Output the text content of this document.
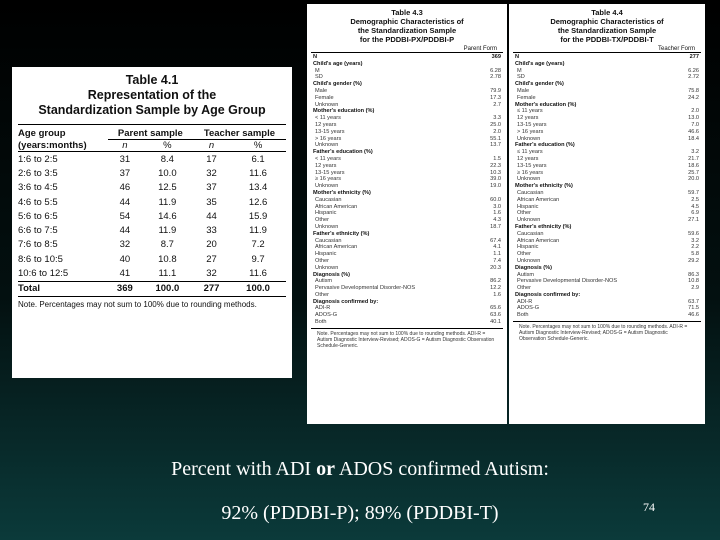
Table 4.1
Representation of the
Standardization Sample by Age Group
Age group	Parent sample		Teacher sample	
(years:months)	n	%	n	%
1:6 to 2:5	31	8.4	17	6.1
2:6 to 3:5	37	10.0	32	11.6
3:6 to 4:5	46	12.5	37	13.4
4:6 to 5:5	44	11.9	35	12.6
5:6 to 6:5	54	14.6	44	15.9
6:6 to 7:5	44	11.9	33	11.9
7:6 to 8:5	32	8.7	20	7.2
8:6 to 10:5	40	10.8	27	9.7
10:6 to 12:5	41	11.1	32	11.6
Total	369	100.0	277	100.0
Note. Percentages may not sum to 100% due to rounding methods.
Table 4.3
Demographic Characteristics of
the Standardization Sample
for the PDDBI-PX/PDDBI-P
Parent Form
N	369
Child's age (years)
M	6.28
SD	2.78
Child's gender (%)
Male	79.9
Female	17.3
Unknown	2.7
Mother's education (%)
< 11 years	3.3
12 years	25.0
13-15 years	2.0
> 16 years	55.1
Unknown	13.7
Father's education (%)
< 11 years	1.5
12 years	22.3
13-15 years	10.3
≥ 16 years	39.0
Unknown	19.0
Mother's ethnicity (%)
Caucasian	60.0
African American	3.0
Hispanic	1.6
Other	4.3
Unknown	18.7
Father's ethnicity (%)
Caucasian	67.4
African American	4.1
Hispanic	1.1
Other	7.4
Unknown	20.3
Diagnosis (%)
Autism	86.2
Pervasive Developmental Disorder-NOS	12.2
Other	1.6
Diagnosis confirmed by:
ADI-R	65.6
ADOS-G	63.6
Both	40.1
Note. Percentages may not sum to 100% due to rounding methods. ADI-R = Autism Diagnostic Interview-Revised; ADOS-G = Autism Diagnostic Observation Schedule-Generic.
Table 4.4
Demographic Characteristics of
the Standardization Sample
for the PDDBI-TX/PDDBI-T
Teacher Form
N	277
Child's age (years)
M	6.26
SD	2.72
Child's gender (%)
Male	75.8
Female	24.2
Mother's education (%)
≤ 11 years	2.0
12 years	13.0
13-15 years	7.0
> 16 years	46.6
Unknown	18.4
Father's education (%)
≤ 11 years	3.2
12 years	21.7
13-15 years	18.6
≥ 16 years	25.7
Unknown	20.0
Mother's ethnicity (%)
Caucasian	59.7
African American	2.5
Hispanic	4.5
Other	6.9
Unknown	27.1
Father's ethnicity (%)
Caucasian	59.6
African American	3.2
Hispanic	2.2
Other	5.8
Unknown	29.2
Diagnosis (%)
Autism	86.3
Pervasive Developmental Disorder-NOS	10.8
Other	2.9
Diagnosis confirmed by:
ADI-R	63.7
ADOS-G	71.5
Both	46.6
Note. Percentages may not sum to 100% due to rounding methods. ADI-R = Autism Diagnostic Interview-Revised; ADOS-G = Autism Diagnostic Observation Schedule-Generic.
Percent with ADI or ADOS confirmed Autism:
92% (PDDBI-P); 89% (PDDBI-T)	74
